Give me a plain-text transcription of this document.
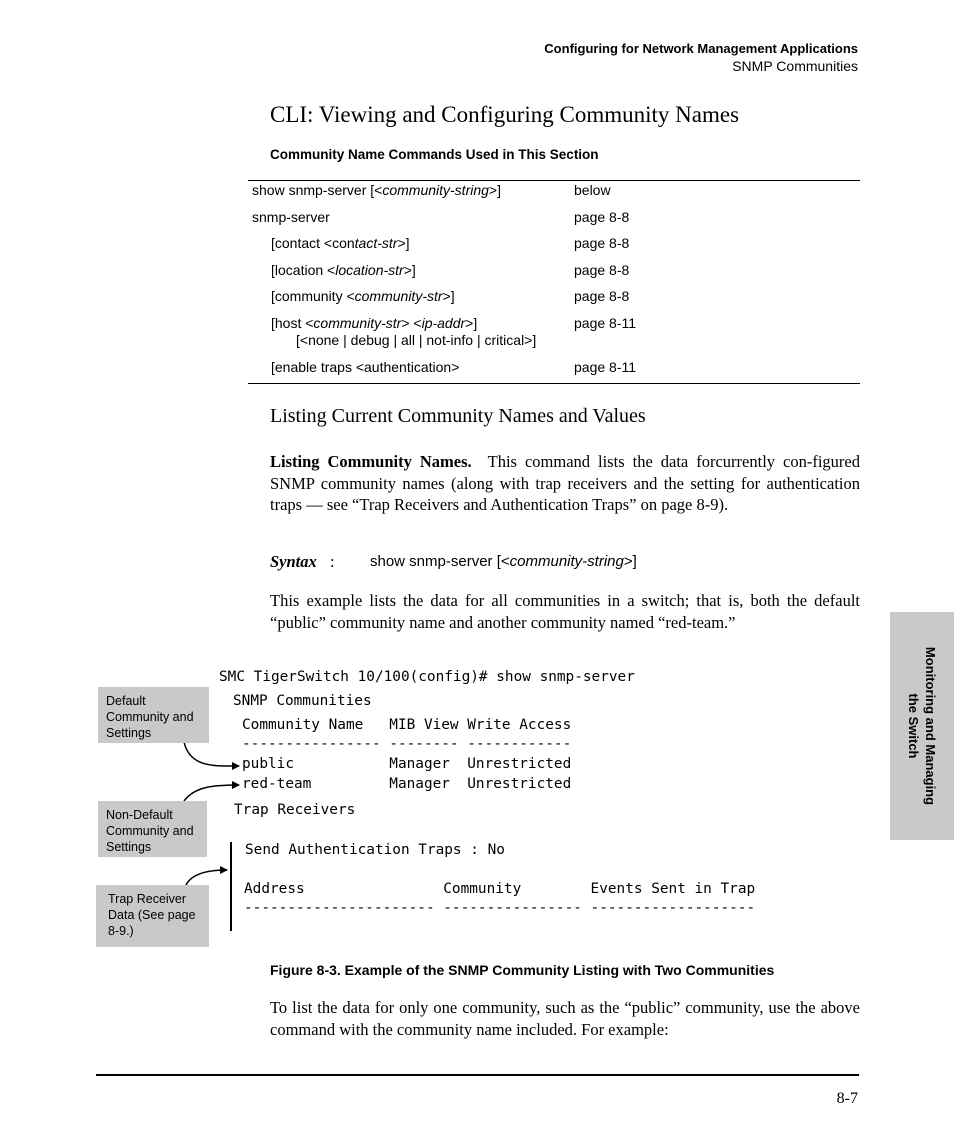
Configuring for Network Management Applications
SNMP Communities
CLI: Viewing and Configuring Community Names
Community Name Commands Used in This Section
show snmp-server [<community-string>]	below
snmp-server	page 8-8
[contact <contact-str>]	page 8-8
[location <location-str>]	page 8-8
[community <community-str>]	page 8-8
[host <community-str> <ip-addr>]	page 8-11
[<none | debug | all | not-info | critical>]
[enable traps <authentication>	page 8-11
Listing Current Community Names and Values
Listing Community Names. This command lists the data forcurrently con-figured SNMP community names (along with trap receivers and the setting for authentication traps — see “Trap Receivers and Authentication Traps” on page 8-9).
Syntax : show snmp-server [<community-string>]
This example lists the data for all communities in a switch; that is, both the default “public” community name and another community named “red-team.”
SMC TigerSwitch 10/100(config)# show snmp-server
SNMP Communities
Community Name   MIB View Write Access
---------------- -------- ------------
public           Manager  Unrestricted
red-team         Manager  Unrestricted
Trap Receivers
Send Authentication Traps : No
Address                Community        Events Sent in Trap
---------------------- ---------------- -------------------
Default Community and Settings
Non-Default Community and Settings
Trap Receiver Data (See page 8-9.)
Monitoring and Managing
the Switch
Figure 8-3. Example of the SNMP Community Listing with Two Communities
To list the data for only one community, such as the “public” community, use the above command with the community name included. For example:
8-7
